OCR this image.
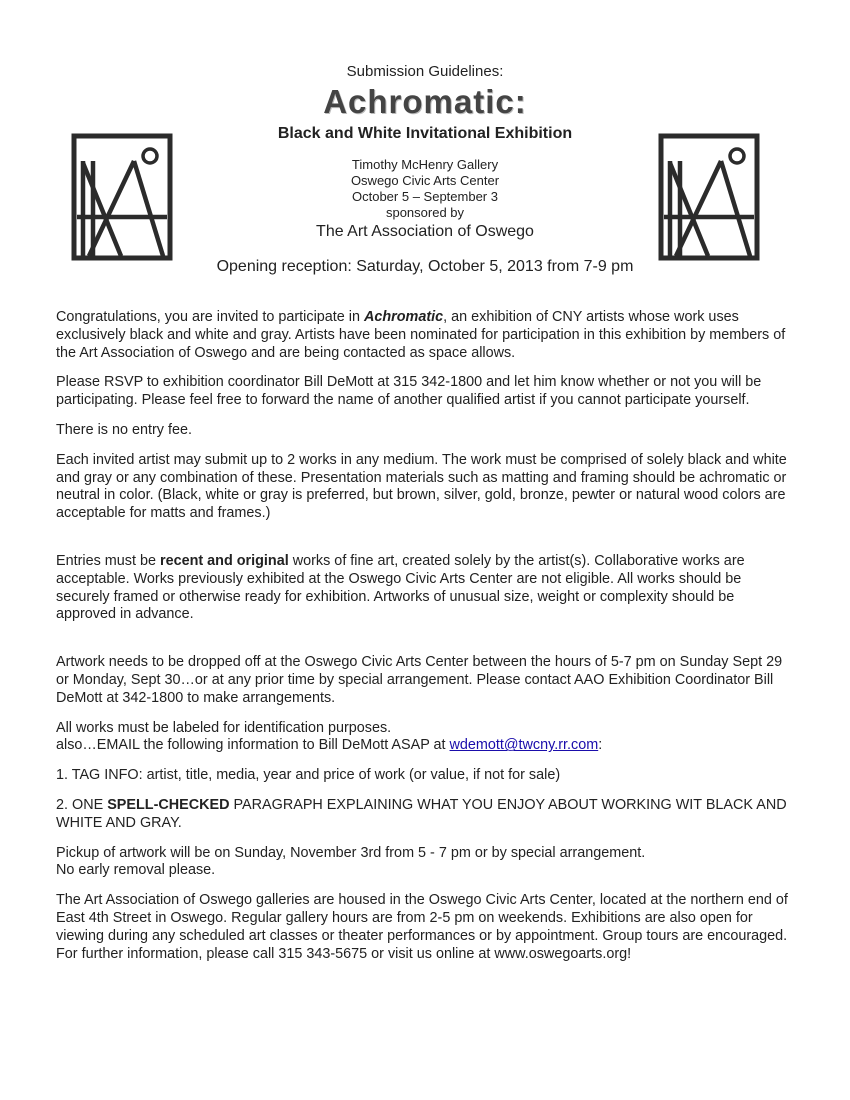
Submission Guidelines:
Achromatic:
Black and White Invitational Exhibition
Timothy McHenry Gallery
Oswego Civic Arts Center
October 5 – September 3
sponsored by
The Art Association of Oswego
Opening reception: Saturday, October 5, 2013 from 7-9 pm

Congratulations, you are invited to participate in Achromatic, an exhibition of CNY artists whose work uses exclusively black and white and gray. Artists have been nominated for participation in this exhibition by members of the Art Association of Oswego and are being contacted as space allows.

Please RSVP to exhibition coordinator Bill DeMott at 315 342-1800 and let him know whether or not you will be participating. Please feel free to forward the name of another qualified artist if you cannot participate yourself.

There is no entry fee.

Each invited artist may submit up to 2 works in any medium. The work must be comprised of solely black and white and gray or any combination of these. Presentation materials such as matting and framing should be achromatic or neutral in color. (Black, white or gray is preferred, but brown, silver, gold, bronze, pewter or natural wood colors are acceptable for matts and frames.)

Entries must be recent and original works of fine art, created solely by the artist(s). Collaborative works are acceptable. Works previously exhibited at the Oswego Civic Arts Center are not eligible. All works should be securely framed or otherwise ready for exhibition. Artworks of unusual size, weight or complexity should be approved in advance.

Artwork needs to be dropped off at the Oswego Civic Arts Center between the hours of 5-7 pm on Sunday Sept 29 or Monday, Sept 30…or at any prior time by special arrangement. Please contact AAO Exhibition Coordinator Bill DeMott at 342-1800 to make arrangements.

All works must be labeled for identification purposes.
also…EMAIL the following information to Bill DeMott ASAP at wdemott@twcny.rr.com:

1. TAG INFO: artist, title, media, year and price of work (or value, if not for sale)

2. ONE SPELL-CHECKED PARAGRAPH EXPLAINING WHAT YOU ENJOY ABOUT WORKING WIT BLACK AND WHITE AND GRAY.

Pickup of artwork will be on Sunday, November 3rd from 5 - 7 pm or by special arrangement.
No early removal please.

The Art Association of Oswego galleries are housed in the Oswego Civic Arts Center, located at the northern end of East 4th Street in Oswego. Regular gallery hours are from 2-5 pm on weekends. Exhibitions are also open for viewing during any scheduled art classes or theater performances or by appointment. Group tours are encouraged. For further information, please call 315 343-5675 or visit us online at www.oswegoarts.org!
